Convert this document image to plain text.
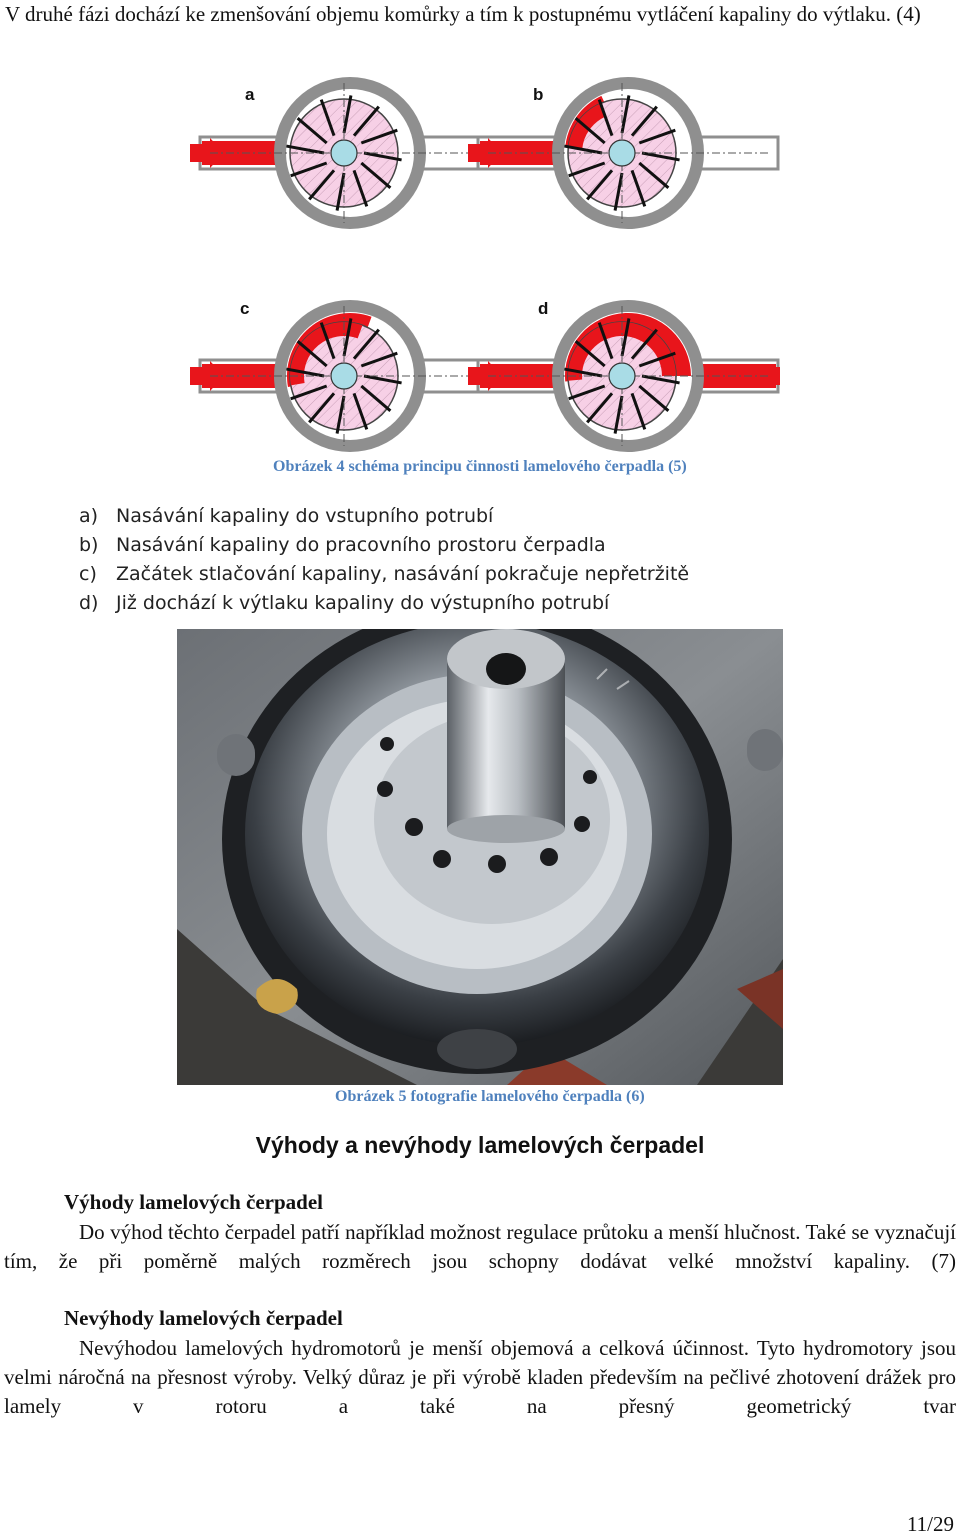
V druhé fázi dochází ke zmenšování objemu komůrky a tím k postupnému vytláčení kapaliny do výtlaku. (4)

a	b
c	d
Obrázek 4 schéma principu činnosti lamelového čerpadla (5)
a) Nasávání kapaliny do vstupního potrubí
b) Nasávání kapaliny do pracovního prostoru čerpadla
c) Začátek stlačování kapaliny, nasávání pokračuje nepřetržitě
d) Již dochází k výtlaku kapaliny do výstupního potrubí
Obrázek 5 fotografie lamelového čerpadla (6)
Výhody a nevýhody lamelových čerpadel
Výhody lamelových čerpadel

Do výhod těchto čerpadel patří například možnost regulace průtoku a menší hlučnost. Také se vyznačují tím, že při poměrně malých rozměrech jsou schopny dodávat velké množství kapaliny. (7)

Nevýhody lamelových čerpadel

Nevýhodou lamelových hydromotorů je menší objemová a celková účinnost. Tyto hydromotory jsou velmi náročná na přesnost výroby. Velký důraz je při výrobě kladen především na pečlivé zhotovení drážek pro lamely v rotoru a také na přesný geometrický tvar

11/29
